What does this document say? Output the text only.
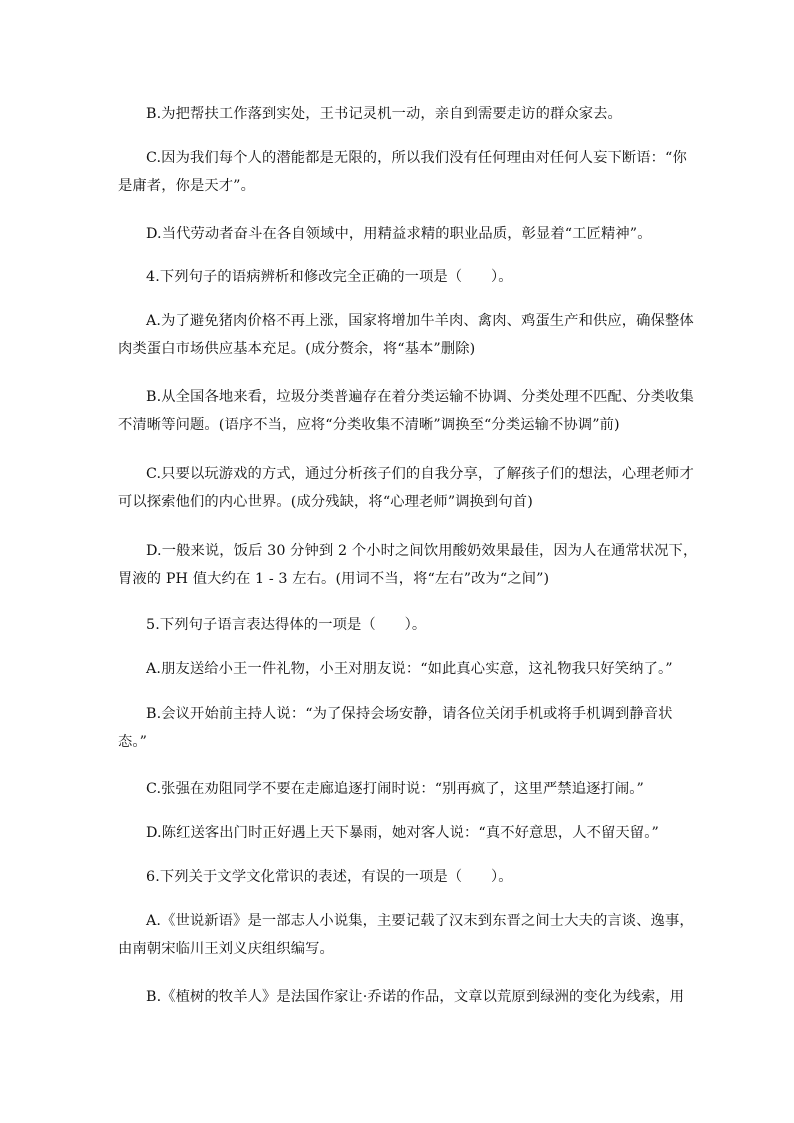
B.为把帮扶工作落到实处，王书记灵机一动，亲自到需要走访的群众家去。
C.因为我们每个人的潜能都是无限的，所以我们没有任何理由对任何人妄下断语：“你
是庸者，你是天才”。
D.当代劳动者奋斗在各自领域中，用精益求精的职业品质，彰显着“工匠精神”。
4.下列句子的语病辨析和修改完全正确的一项是（　　）。
A.为了避免猪肉价格不再上涨，国家将增加牛羊肉、禽肉、鸡蛋生产和供应，确保整体
肉类蛋白市场供应基本充足。(成分赘余，将“基本”删除)
B.从全国各地来看，垃圾分类普遍存在着分类运输不协调、分类处理不匹配、分类收集
不清晰等问题。(语序不当，应将“分类收集不清晰”调换至“分类运输不协调”前)
C.只要以玩游戏的方式，通过分析孩子们的自我分享，了解孩子们的想法，心理老师才
可以探索他们的内心世界。(成分残缺，将“心理老师”调换到句首)
D.一般来说，饭后 30 分钟到 2 个小时之间饮用酸奶效果最佳，因为人在通常状况下，
胃液的 PH 值大约在 1 - 3 左右。(用词不当，将“左右”改为“之间”)
5.下列句子语言表达得体的一项是（　　）。
A.朋友送给小王一件礼物，小王对朋友说：“如此真心实意，这礼物我只好笑纳了。”
B.会议开始前主持人说：“为了保持会场安静，请各位关闭手机或将手机调到静音状
态。”
C.张强在劝阻同学不要在走廊追逐打闹时说：“别再疯了，这里严禁追逐打闹。”
D.陈红送客出门时正好遇上天下暴雨，她对客人说：“真不好意思，人不留天留。”
6.下列关于文学文化常识的表述，有误的一项是（　　）。
A.《世说新语》是一部志人小说集，主要记载了汉末到东晋之间士大夫的言谈、逸事，
由南朝宋临川王刘义庆组织编写。
B.《植树的牧羊人》是法国作家让·乔诺的作品，文章以荒原到绿洲的变化为线索，用
